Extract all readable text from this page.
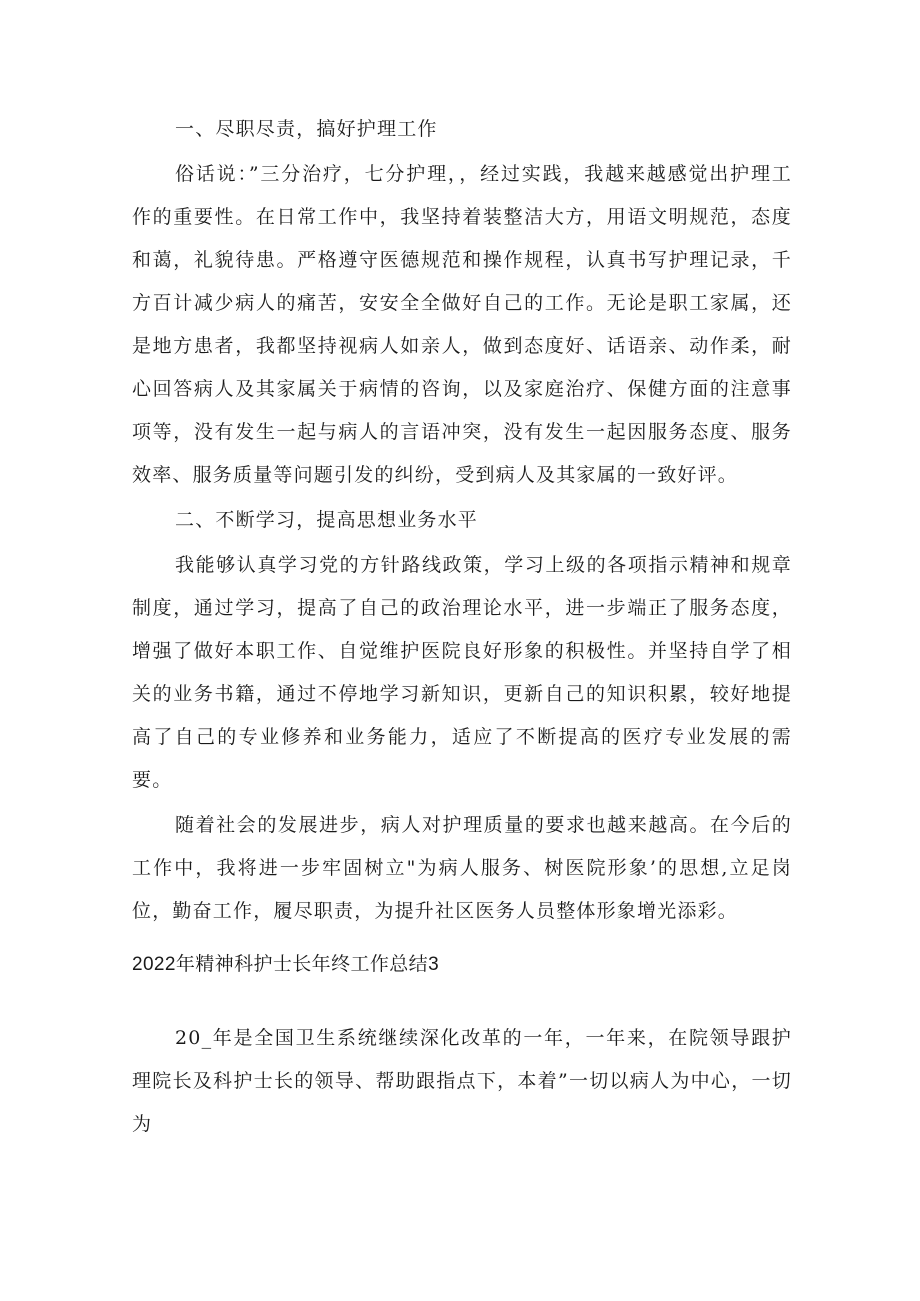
一、尽职尽责，搞好护理工作

俗话说：”三分治疗，七分护理，，经过实践，我越来越感觉出护理工作的重要性。在日常工作中，我坚持着装整洁大方，用语文明规范，态度和蔼，礼貌待患。严格遵守医德规范和操作规程，认真书写护理记录，千方百计减少病人的痛苦，安安全全做好自己的工作。无论是职工家属，还是地方患者，我都坚持视病人如亲人，做到态度好、话语亲、动作柔，耐心回答病人及其家属关于病情的咨询，以及家庭治疗、保健方面的注意事项等，没有发生一起与病人的言语冲突，没有发生一起因服务态度、服务效率、服务质量等问题引发的纠纷，受到病人及其家属的一致好评。

二、不断学习，提高思想业务水平

我能够认真学习党的方针路线政策，学习上级的各项指示精神和规章制度，通过学习，提高了自己的政治理论水平，进一步端正了服务态度，增强了做好本职工作、自觉维护医院良好形象的积极性。并坚持自学了相关的业务书籍，通过不停地学习新知识，更新自己的知识积累，较好地提高了自己的专业修养和业务能力，适应了不断提高的医疗专业发展的需要。

随着社会的发展进步，病人对护理质量的要求也越来越高。在今后的工作中，我将进一步牢固树立"为病人服务、树医院形象’的思想,立足岗位，勤奋工作，履尽职责，为提升社区医务人员整体形象增光添彩。

2022年精神科护士长年终工作总结3

20_年是全国卫生系统继续深化改革的一年，一年来，在院领导跟护理院长及科护士长的领导、帮助跟指点下，本着”一切以病人为中心，一切为
